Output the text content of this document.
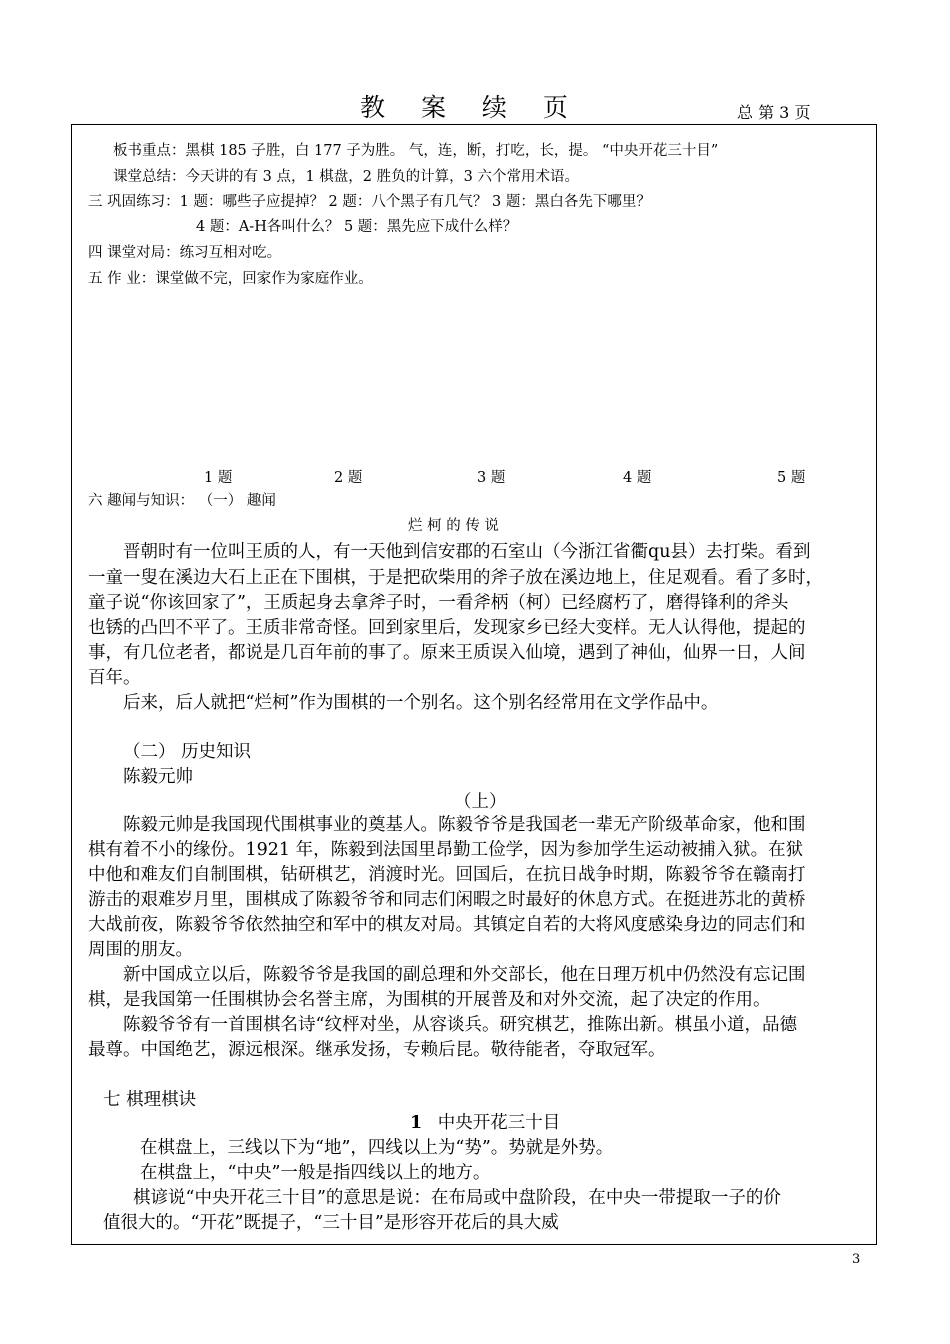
教 案 续 页	总 第 3 页
板书重点：黑棋 185 子胜，白 177 子为胜。 气，连，断，打吃，长，提。 “中央开花三十目”
课堂总结：今天讲的有 3 点，1 棋盘，2 胜负的计算，3 六个常用术语。
三 巩固练习：1 题：哪些子应提掉？ 2 题：八个黑子有几气？ 3 题：黑白各先下哪里？
4 题：A-H各叫什么？ 5 题：黑先应下成什么样？
四 课堂对局：练习互相对吃。
五 作 业：课堂做不完，回家作为家庭作业。
1 题	2 题	3 题	4 题	5 题
六 趣闻与知识： （一） 趣闻
烂 柯 的 传 说
晋朝时有一位叫王质的人，有一天他到信安郡的石室山（今浙江省衢qu县）去打柴。看到
一童一叟在溪边大石上正在下围棋，于是把砍柴用的斧子放在溪边地上，住足观看。看了多时，
童子说“你该回家了”，王质起身去拿斧子时，一看斧柄（柯）已经腐朽了，磨得锋利的斧头
也锈的凸凹不平了。王质非常奇怪。回到家里后，发现家乡已经大变样。无人认得他，提起的
事，有几位老者，都说是几百年前的事了。原来王质误入仙境，遇到了神仙，仙界一日，人间
百年。
后来，后人就把“烂柯”作为围棋的一个别名。这个别名经常用在文学作品中。
（二） 历史知识
陈毅元帅
（上）
陈毅元帅是我国现代围棋事业的奠基人。陈毅爷爷是我国老一辈无产阶级革命家，他和围
棋有着不小的缘份。1921 年，陈毅到法国里昂勤工俭学，因为参加学生运动被捕入狱。在狱
中他和难友们自制围棋，钻研棋艺，消渡时光。回国后，在抗日战争时期，陈毅爷爷在赣南打
游击的艰难岁月里，围棋成了陈毅爷爷和同志们闲暇之时最好的休息方式。在挺进苏北的黄桥
大战前夜，陈毅爷爷依然抽空和军中的棋友对局。其镇定自若的大将风度感染身边的同志们和
周围的朋友。
新中国成立以后，陈毅爷爷是我国的副总理和外交部长，他在日理万机中仍然没有忘记围
棋，是我国第一任围棋协会名誉主席，为围棋的开展普及和对外交流，起了决定的作用。
陈毅爷爷有一首围棋名诗“纹枰对坐，从容谈兵。研究棋艺，推陈出新。棋虽小道，品德
最尊。中国绝艺，源远根深。继承发扬，专赖后昆。敬待能者，夺取冠军。
七 棋理棋诀
1 中央开花三十目
在棋盘上，三线以下为“地”，四线以上为“势”。势就是外势。
在棋盘上，“中央”一般是指四线以上的地方。
棋谚说“中央开花三十目”的意思是说：在布局或中盘阶段，在中央一带提取一子的价
值很大的。“开花”既提子，“三十目”是形容开花后的具大威
3
